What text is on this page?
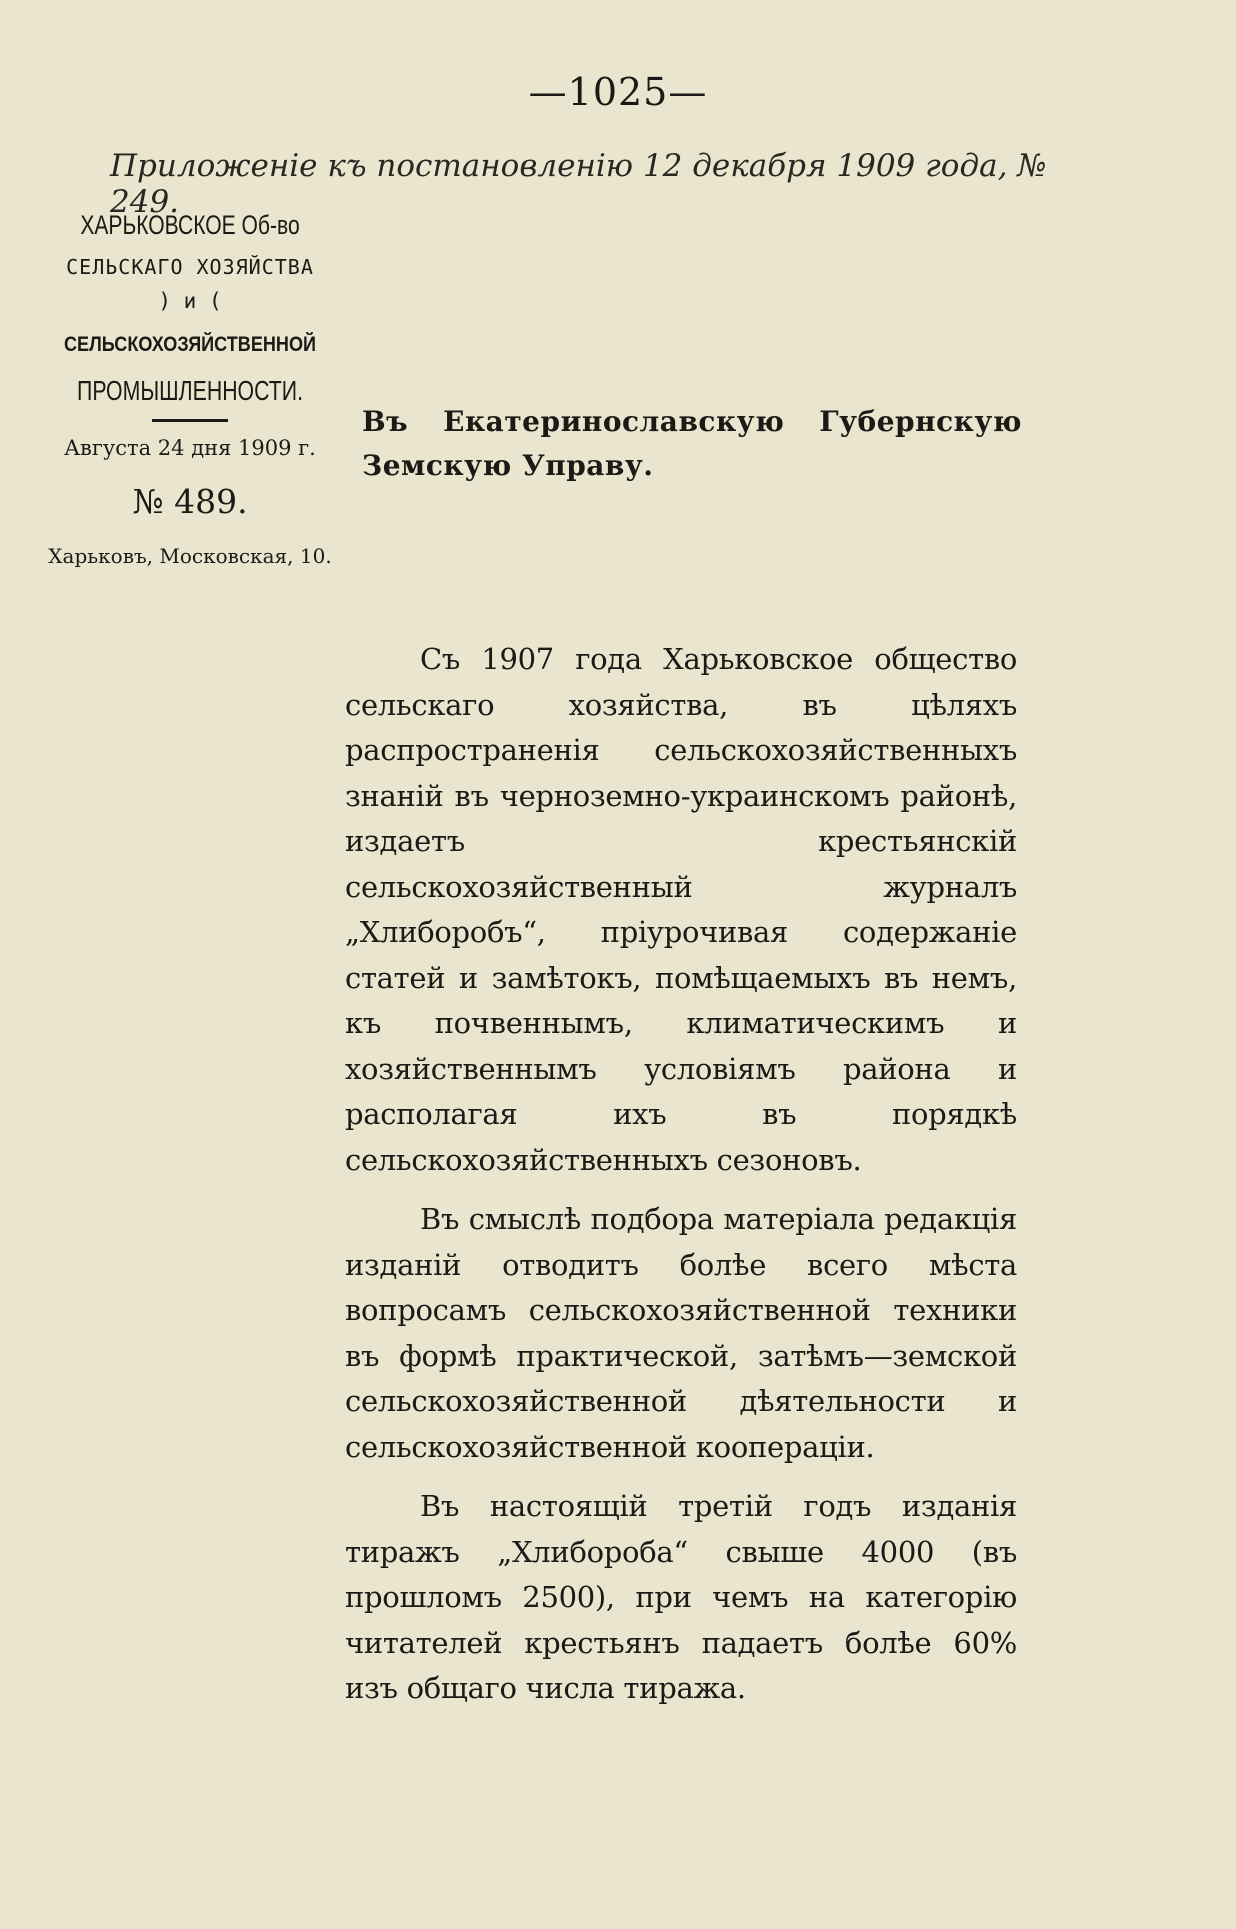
—1025—
Приложеніе къ постановленію 12 декабря 1909 года, № 249.
ХАРЬКОВСКОЕ Об-во
СЕЛЬСКАГО ХОЗЯЙСТВА
) и (
СЕЛЬСКОХОЗЯЙСТВЕННОЙ
ПРОМЫШЛЕННОСТИ.
Августа 24 дня 1909 г.
№ 489.
Харьковъ, Московская, 10.
Въ Екатеринославскую Губернскую
Земскую Управу.

Съ 1907 года Харьковское общество сельскаго хозяйства, въ цѣляхъ распространенія сельскохозяйственныхъ знаній въ черноземно-украинскомъ районѣ, издаетъ крестьянскій сельскохозяйственный журналъ „Хлиборобъ“, пріурочивая содержаніе статей и замѣтокъ, помѣщаемыхъ въ немъ, къ почвеннымъ, климатическимъ и хозяйственнымъ условіямъ района и располагая ихъ въ порядкѣ сельскохозяйственныхъ сезоновъ.

Въ смыслѣ подбора матеріала редакція изданій отводитъ болѣе всего мѣста вопросамъ сельскохозяйственной техники въ формѣ практической, затѣмъ—земской сельскохозяйственной дѣятельности и сельскохозяйственной коопераціи.

Въ настоящій третій годъ изданія тиражъ „Хлибороба“ свыше 4000 (въ прошломъ 2500), при чемъ на категорію читателей крестьянъ падаетъ болѣе 60% изъ общаго числа тиража.
